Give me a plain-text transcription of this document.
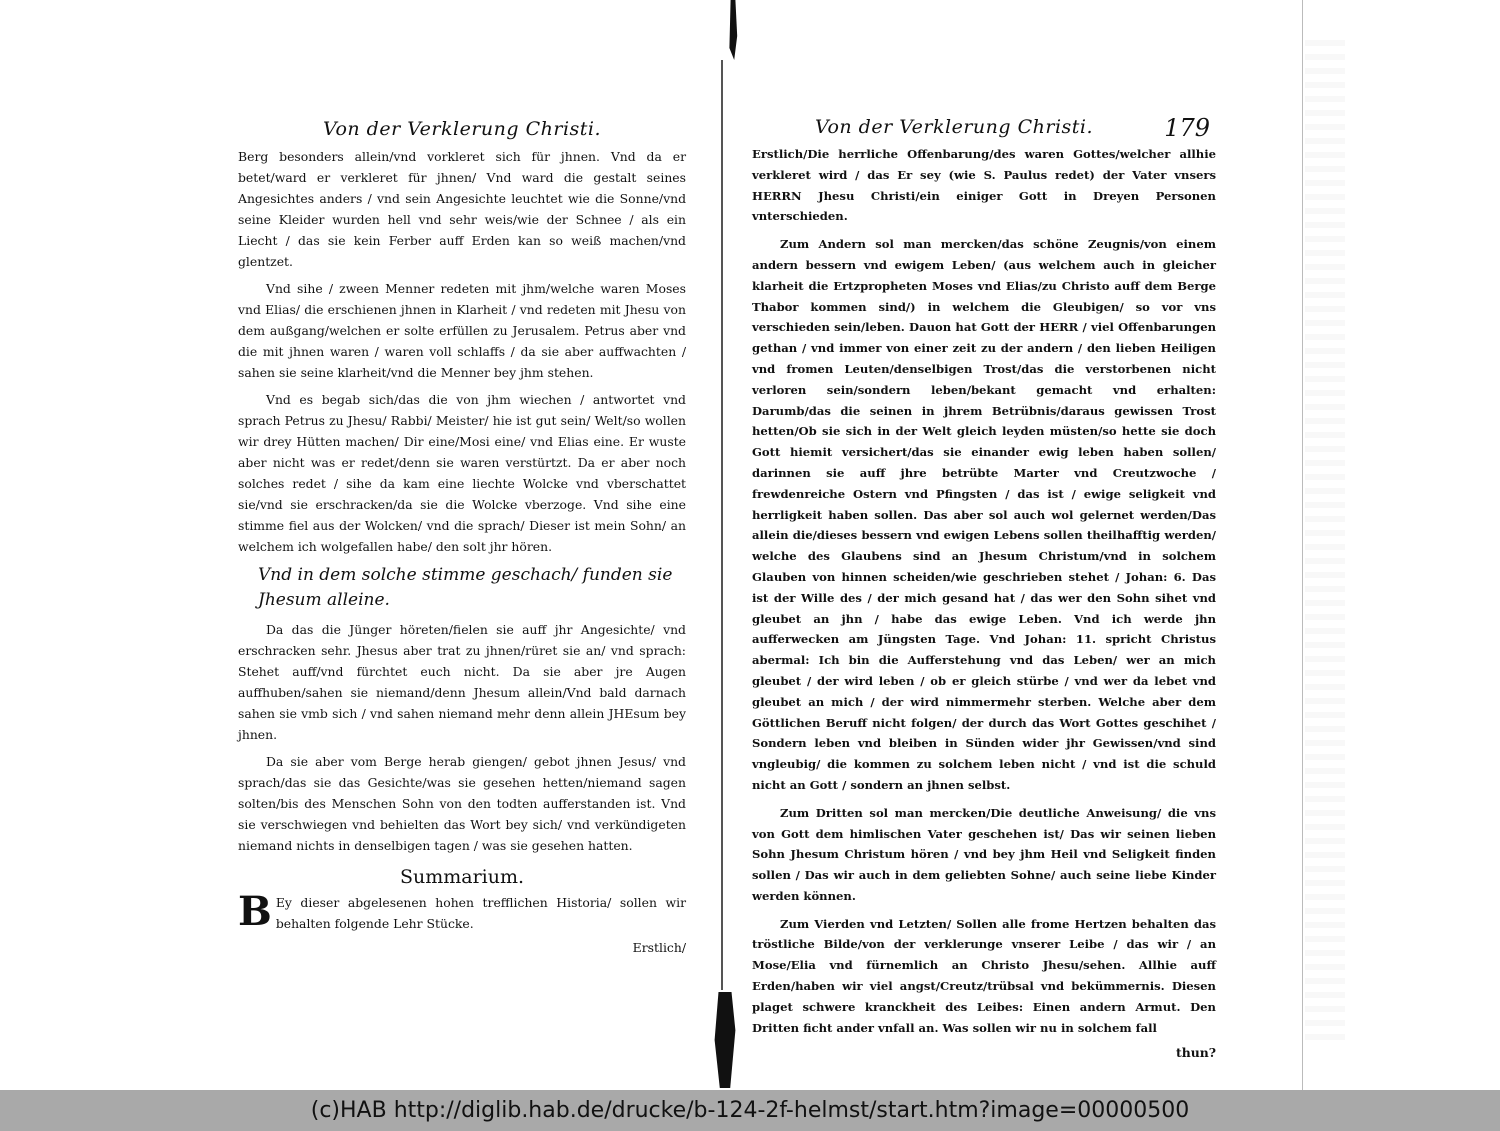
Von der Verklerung Christi.

Berg besonders allein/vnd vorkleret sich für jhnen. Vnd da er betet/ward er verkleret für jhnen/ Vnd ward die gestalt seines Angesichtes anders / vnd sein Angesichte leuchtet wie die Sonne/vnd seine Kleider wurden hell vnd sehr weis/wie der Schnee / als ein Liecht / das sie kein Ferber auff Erden kan so weiß machen/vnd glentzet.

Vnd sihe / zween Menner redeten mit jhm/welche waren Moses vnd Elias/ die erschienen jhnen in Klarheit / vnd redeten mit Jhesu von dem außgang/welchen er solte erfüllen zu Jerusalem. Petrus aber vnd die mit jhnen waren / waren voll schlaffs / da sie aber auffwachten / sahen sie seine klarheit/vnd die Menner bey jhm stehen.

Vnd es begab sich/das die von jhm wiechen / antwortet vnd sprach Petrus zu Jhesu/ Rabbi/ Meister/ hie ist gut sein/ Welt/so wollen wir drey Hütten machen/ Dir eine/Mosi eine/ vnd Elias eine. Er wuste aber nicht was er redet/denn sie waren verstürtzt. Da er aber noch solches redet / sihe da kam eine liechte Wolcke vnd vberschattet sie/vnd sie erschracken/da sie die Wolcke vberzoge. Vnd sihe eine stimme fiel aus der Wolcken/ vnd die sprach/ Dieser ist mein Sohn/ an welchem ich wolgefallen habe/ den solt jhr hören.

Vnd in dem solche stimme geschach/ funden sie Jhesum alleine.

Da das die Jünger höreten/fielen sie auff jhr Angesichte/ vnd erschracken sehr. Jhesus aber trat zu jhnen/rüret sie an/ vnd sprach: Stehet auff/vnd fürchtet euch nicht. Da sie aber jre Augen auffhuben/sahen sie niemand/denn Jhesum allein/Vnd bald darnach sahen sie vmb sich / vnd sahen niemand mehr denn allein JHEsum bey jhnen.

Da sie aber vom Berge herab giengen/ gebot jhnen Jesus/ vnd sprach/das sie das Gesichte/was sie gesehen hetten/niemand sagen solten/bis des Menschen Sohn von den todten aufferstanden ist. Vnd sie verschwiegen vnd behielten das Wort bey sich/ vnd verkündigeten niemand nichts in denselbigen tagen / was sie gesehen hatten.

Summarium.

B Ey dieser abgelesenen hohen trefflichen Historia/ sollen wir behalten folgende Lehr Stücke.

Erstlich/
Von der Verklerung Christi.	179

Erstlich/Die herrliche Offenbarung/des waren Gottes/welcher allhie verkleret wird / das Er sey (wie S. Paulus redet) der Vater vnsers HERRN Jhesu Christi/ein einiger Gott in Dreyen Personen vnterschieden.

Zum Andern sol man mercken/das schöne Zeugnis/von einem andern bessern vnd ewigem Leben/ (aus welchem auch in gleicher klarheit die Ertzpropheten Moses vnd Elias/zu Christo auff dem Berge Thabor kommen sind/) in welchem die Gleubigen/ so vor vns verschieden sein/leben. Dauon hat Gott der HERR / viel Offenbarungen gethan / vnd immer von einer zeit zu der andern / den lieben Heiligen vnd fromen Leuten/denselbigen Trost/das die verstorbenen nicht verloren sein/sondern leben/bekant gemacht vnd erhalten: Darumb/das die seinen in jhrem Betrübnis/daraus gewissen Trost hetten/Ob sie sich in der Welt gleich leyden müsten/so hette sie doch Gott hiemit versichert/das sie einander ewig leben haben sollen/ darinnen sie auff jhre betrübte Marter vnd Creutzwoche / frewdenreiche Ostern vnd Pfingsten / das ist / ewige seligkeit vnd herrligkeit haben sollen. Das aber sol auch wol gelernet werden/Das allein die/dieses bessern vnd ewigen Lebens sollen theilhafftig werden/ welche des Glaubens sind an Jhesum Christum/vnd in solchem Glauben von hinnen scheiden/wie geschrieben stehet / Johan: 6. Das ist der Wille des / der mich gesand hat / das wer den Sohn sihet vnd gleubet an jhn / habe das ewige Leben. Vnd ich werde jhn aufferwecken am Jüngsten Tage. Vnd Johan: 11. spricht Christus abermal: Ich bin die Aufferstehung vnd das Leben/ wer an mich gleubet / der wird leben / ob er gleich stürbe / vnd wer da lebet vnd gleubet an mich / der wird nimmermehr sterben. Welche aber dem Göttlichen Beruff nicht folgen/ der durch das Wort Gottes geschihet / Sondern leben vnd bleiben in Sünden wider jhr Gewissen/vnd sind vngleubig/ die kommen zu solchem leben nicht / vnd ist die schuld nicht an Gott / sondern an jhnen selbst.

Zum Dritten sol man mercken/Die deutliche Anweisung/ die vns von Gott dem himlischen Vater geschehen ist/ Das wir seinen lieben Sohn Jhesum Christum hören / vnd bey jhm Heil vnd Seligkeit finden sollen / Das wir auch in dem geliebten Sohne/ auch seine liebe Kinder werden können.

Zum Vierden vnd Letzten/ Sollen alle frome Hertzen behalten das tröstliche Bilde/von der verklerunge vnserer Leibe / das wir / an Mose/Elia vnd fürnemlich an Christo Jhesu/sehen. Allhie auff Erden/haben wir viel angst/Creutz/trübsal vnd bekümmernis. Diesen plaget schwere kranckheit des Leibes: Einen andern Armut. Den Dritten ficht ander vnfall an. Was sollen wir nu in solchem fall

thun?
(c)HAB http://diglib.hab.de/drucke/b-124-2f-helmst/start.htm?image=00000500
